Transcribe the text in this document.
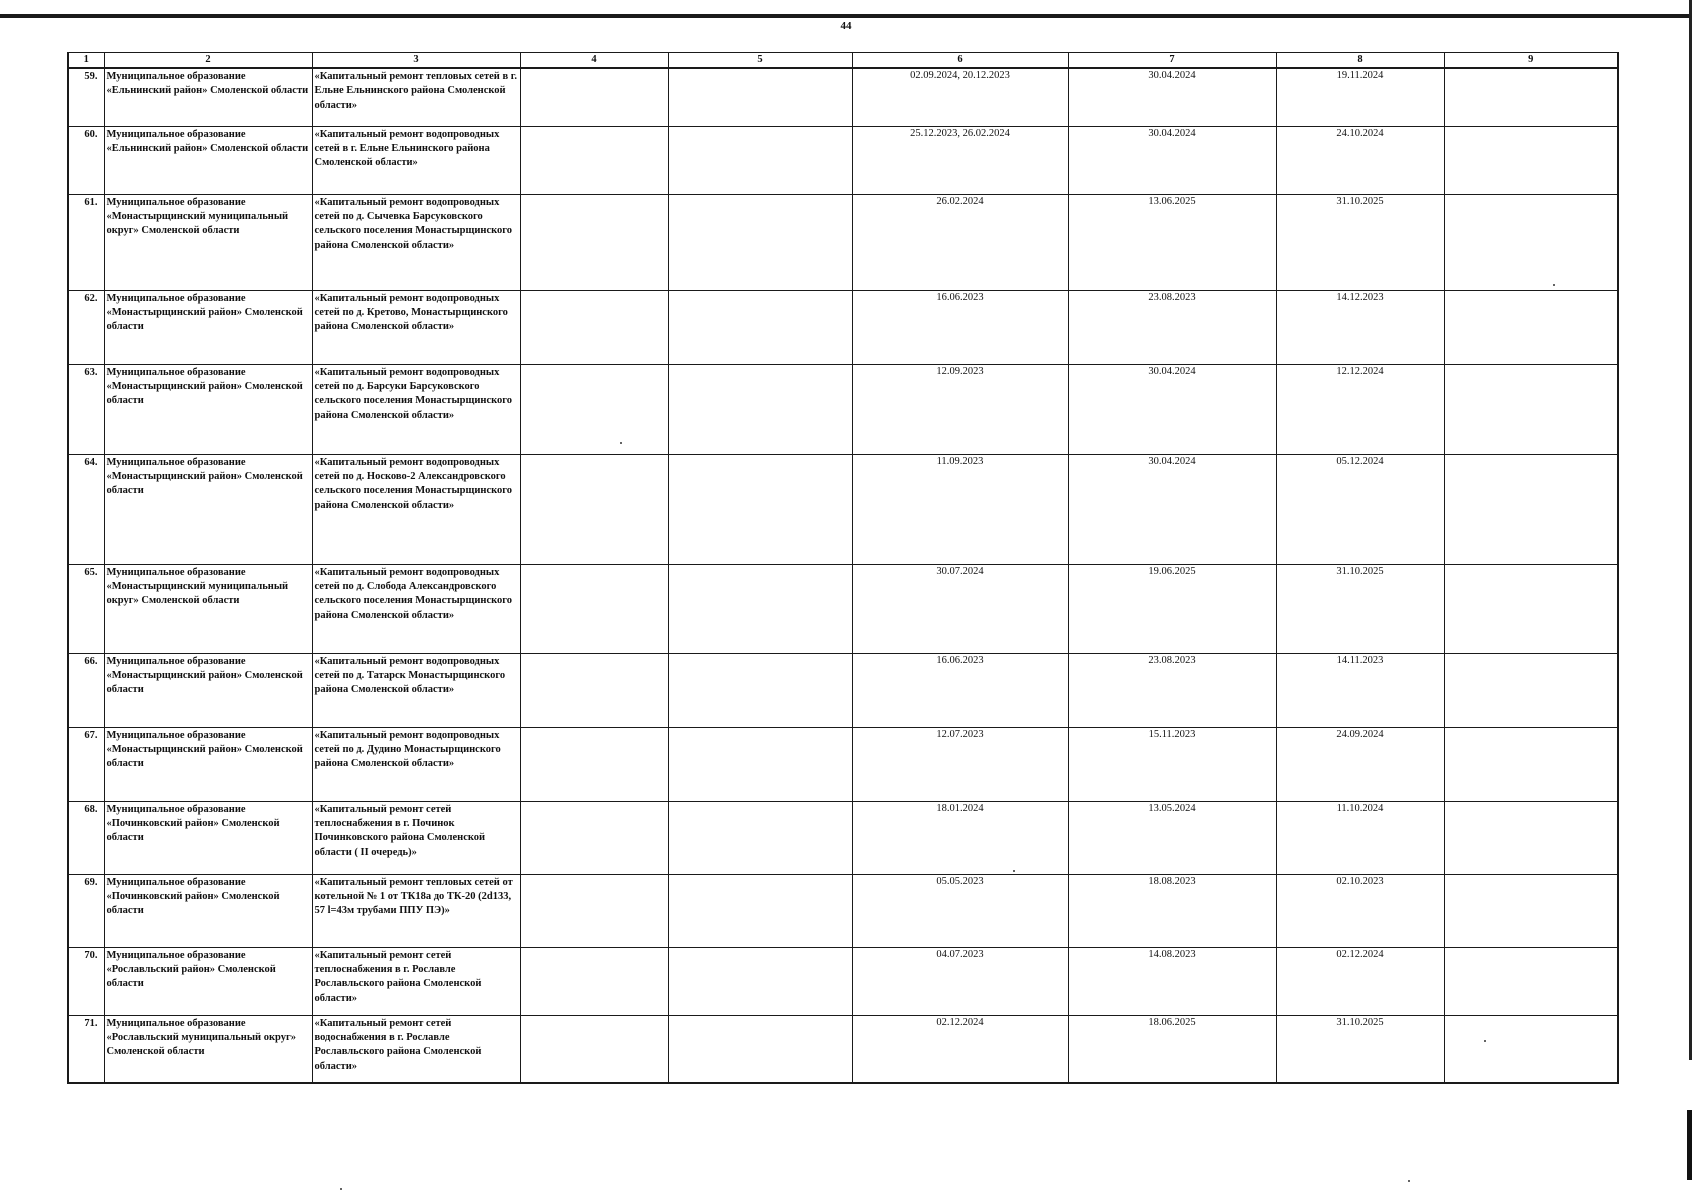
44
1	2	3	4	5	6	7	8	9
59.	Муниципальное образование «Ельнинский район» Смоленской области	«Капитальный ремонт тепловых сетей в г. Ельне Ельнинского района Смоленской области»			02.09.2024, 20.12.2023	30.04.2024	19.11.2024	
60.	Муниципальное образование «Ельнинский район» Смоленской области	«Капитальный ремонт водопроводных сетей в г. Ельне Ельнинского района Смоленской области»			25.12.2023, 26.02.2024	30.04.2024	24.10.2024	
61.	Муниципальное образование «Монастырщинский муниципальный округ» Смоленской области	«Капитальный ремонт водопроводных сетей по д. Сычевка Барсуковского сельского поселения Монастырщинского района Смоленской области»			26.02.2024	13.06.2025	31.10.2025	
62.	Муниципальное образование «Монастырщинский район» Смоленской области	«Капитальный ремонт водопроводных сетей по д. Кретово, Монастырщинского района Смоленской области»			16.06.2023	23.08.2023	14.12.2023	
63.	Муниципальное образование «Монастырщинский район» Смоленской области	«Капитальный ремонт водопроводных сетей по д. Барсуки Барсуковского сельского поселения Монастырщинского района Смоленской области»			12.09.2023	30.04.2024	12.12.2024	
64.	Муниципальное образование «Монастырщинский район» Смоленской области	«Капитальный ремонт водопроводных сетей по д. Носково-2 Александровского сельского поселения Монастырщинского района Смоленской области»			11.09.2023	30.04.2024	05.12.2024	
65.	Муниципальное образование «Монастырщинский муниципальный округ» Смоленской области	«Капитальный ремонт водопроводных сетей по д. Слобода Александровского сельского поселения Монастырщинского района Смоленской области»			30.07.2024	19.06.2025	31.10.2025	
66.	Муниципальное образование «Монастырщинский район» Смоленской области	«Капитальный ремонт водопроводных сетей по д. Татарск Монастырщинского района Смоленской области»			16.06.2023	23.08.2023	14.11.2023	
67.	Муниципальное образование «Монастырщинский район» Смоленской области	«Капитальный ремонт водопроводных сетей по д. Дудино Монастырщинского района Смоленской области»			12.07.2023	15.11.2023	24.09.2024	
68.	Муниципальное образование «Починковский район» Смоленской области	«Капитальный ремонт сетей теплоснабжения в г. Починок Починковского района Смоленской области ( II очередь)»			18.01.2024	13.05.2024	11.10.2024	
69.	Муниципальное образование «Починковский район» Смоленской области	«Капитальный ремонт тепловых сетей от котельной № 1 от ТК18а до ТК-20 (2d133, 57 l=43м трубами ППУ ПЭ)»			05.05.2023	18.08.2023	02.10.2023	
70.	Муниципальное образование «Рославльский район» Смоленской области	«Капитальный ремонт сетей теплоснабжения в г. Рославле Рославльского района Смоленской области»			04.07.2023	14.08.2023	02.12.2024	
71.	Муниципальное образование «Рославльский муниципальный округ» Смоленской области	«Капитальный ремонт сетей водоснабжения в г. Рославле Рославльского района Смоленской области»			02.12.2024	18.06.2025	31.10.2025	
